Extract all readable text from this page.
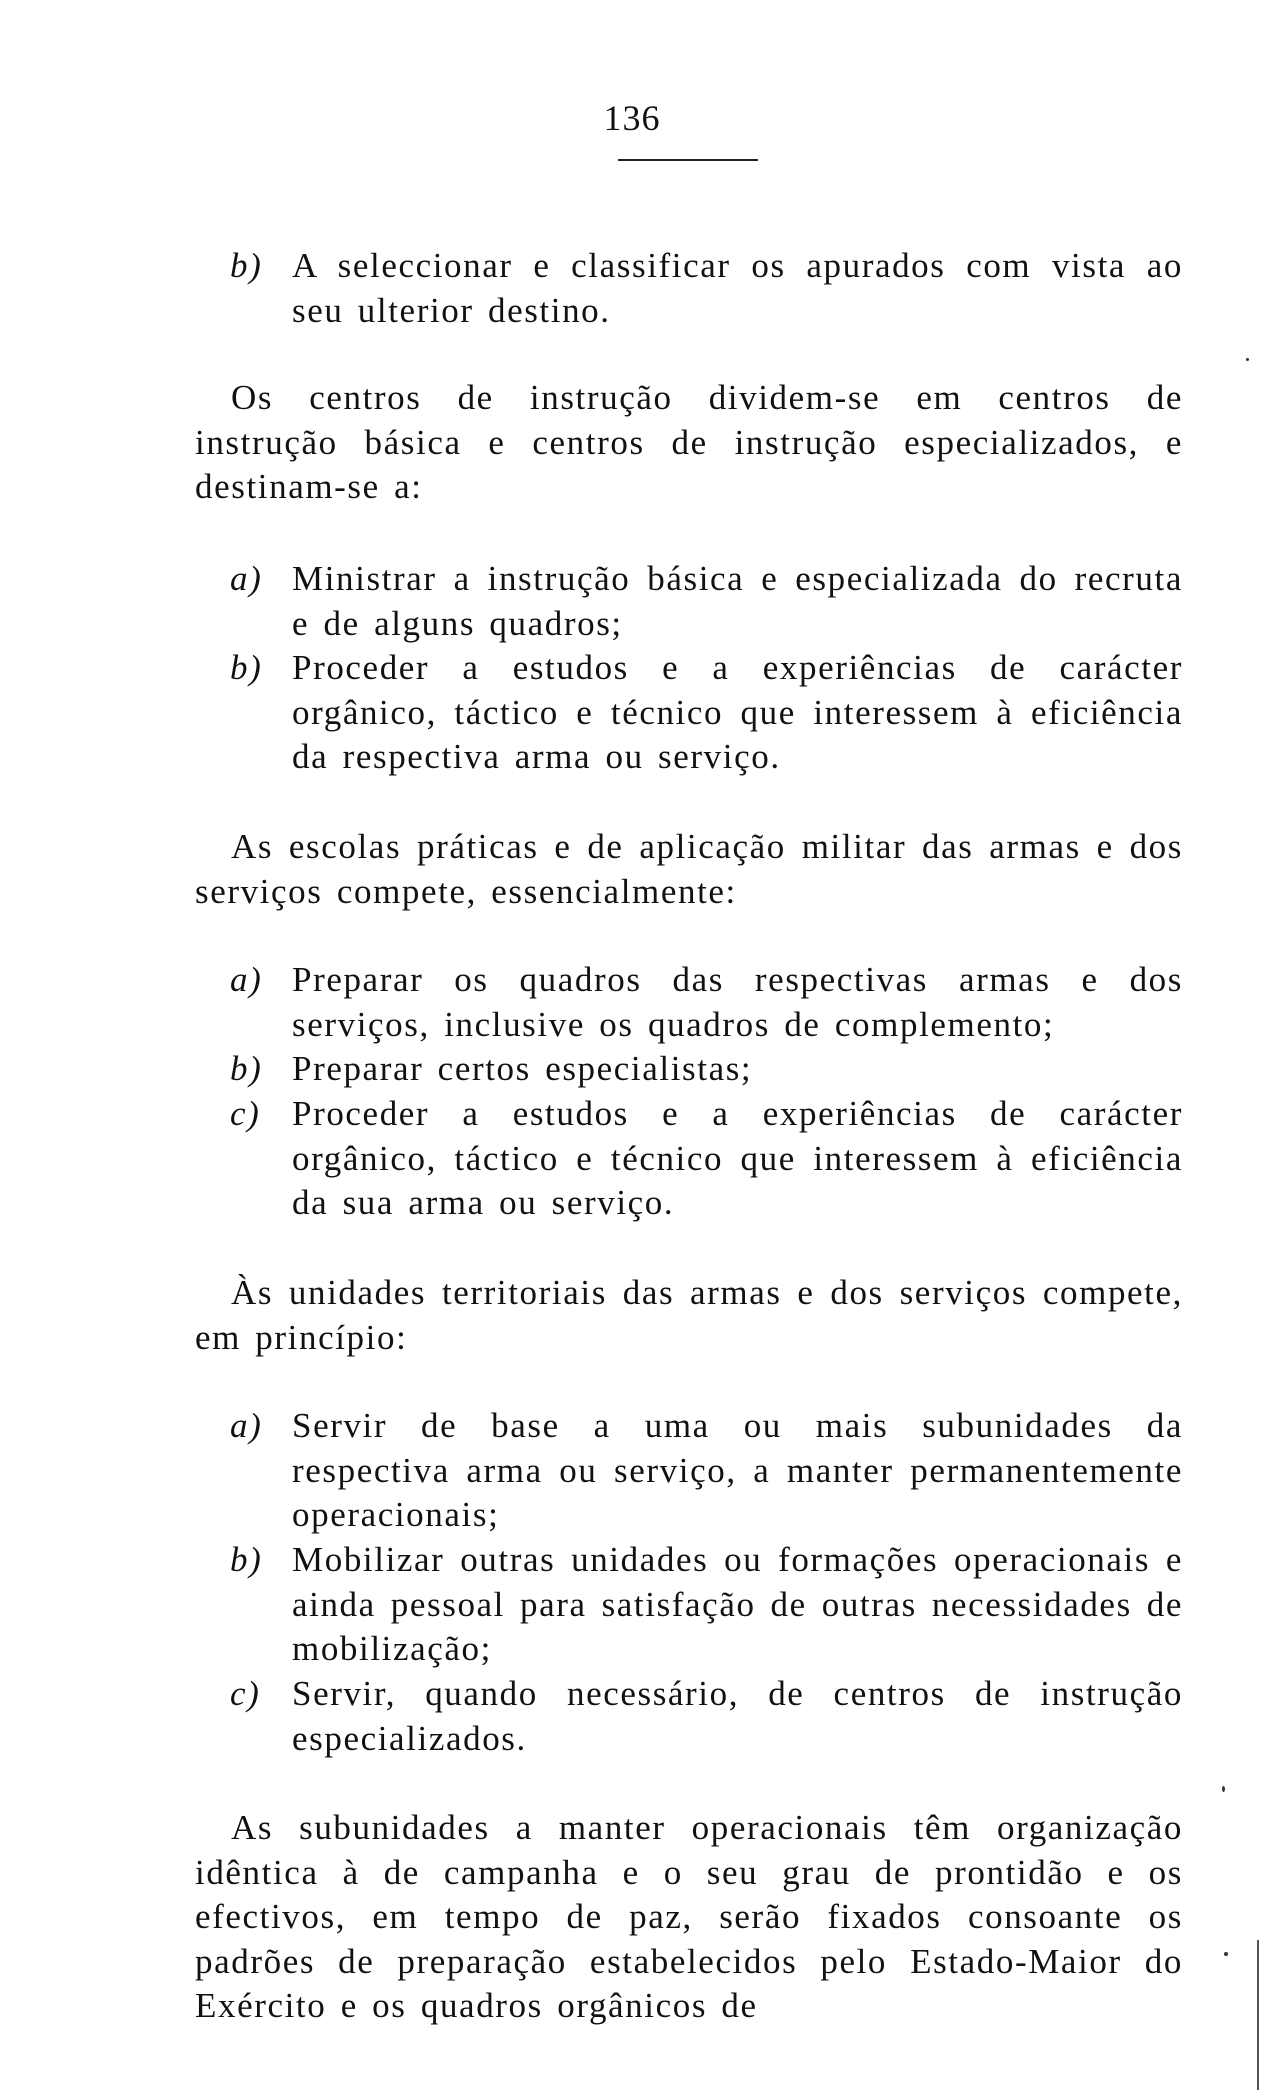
136
b) A seleccionar e classificar os apurados com vista ao seu ulterior destino.
Os centros de instrução dividem-se em centros de instrução básica e centros de instrução especializados, e destinam-se a:
a) Ministrar a instrução básica e especializada do recruta e de alguns quadros;
b) Proceder a estudos e a experiências de carácter orgânico, táctico e técnico que interessem à eficiência da respectiva arma ou serviço.
As escolas práticas e de aplicação militar das armas e dos serviços compete, essencialmente:
a) Preparar os quadros das respectivas armas e dos serviços, inclusive os quadros de complemento;
b) Preparar certos especialistas;
c) Proceder a estudos e a experiências de carácter orgânico, táctico e técnico que interessem à eficiência da sua arma ou serviço.
Às unidades territoriais das armas e dos serviços compete, em princípio:
a) Servir de base a uma ou mais subunidades da respectiva arma ou serviço, a manter permanentemente operacionais;
b) Mobilizar outras unidades ou formações operacionais e ainda pessoal para satisfação de outras necessidades de mobilização;
c) Servir, quando necessário, de centros de instrução especializados.
As subunidades a manter operacionais têm organização idêntica à de campanha e o seu grau de prontidão e os efectivos, em tempo de paz, serão fixados consoante os padrões de preparação estabelecidos pelo Estado-Maior do Exército e os quadros orgânicos de
